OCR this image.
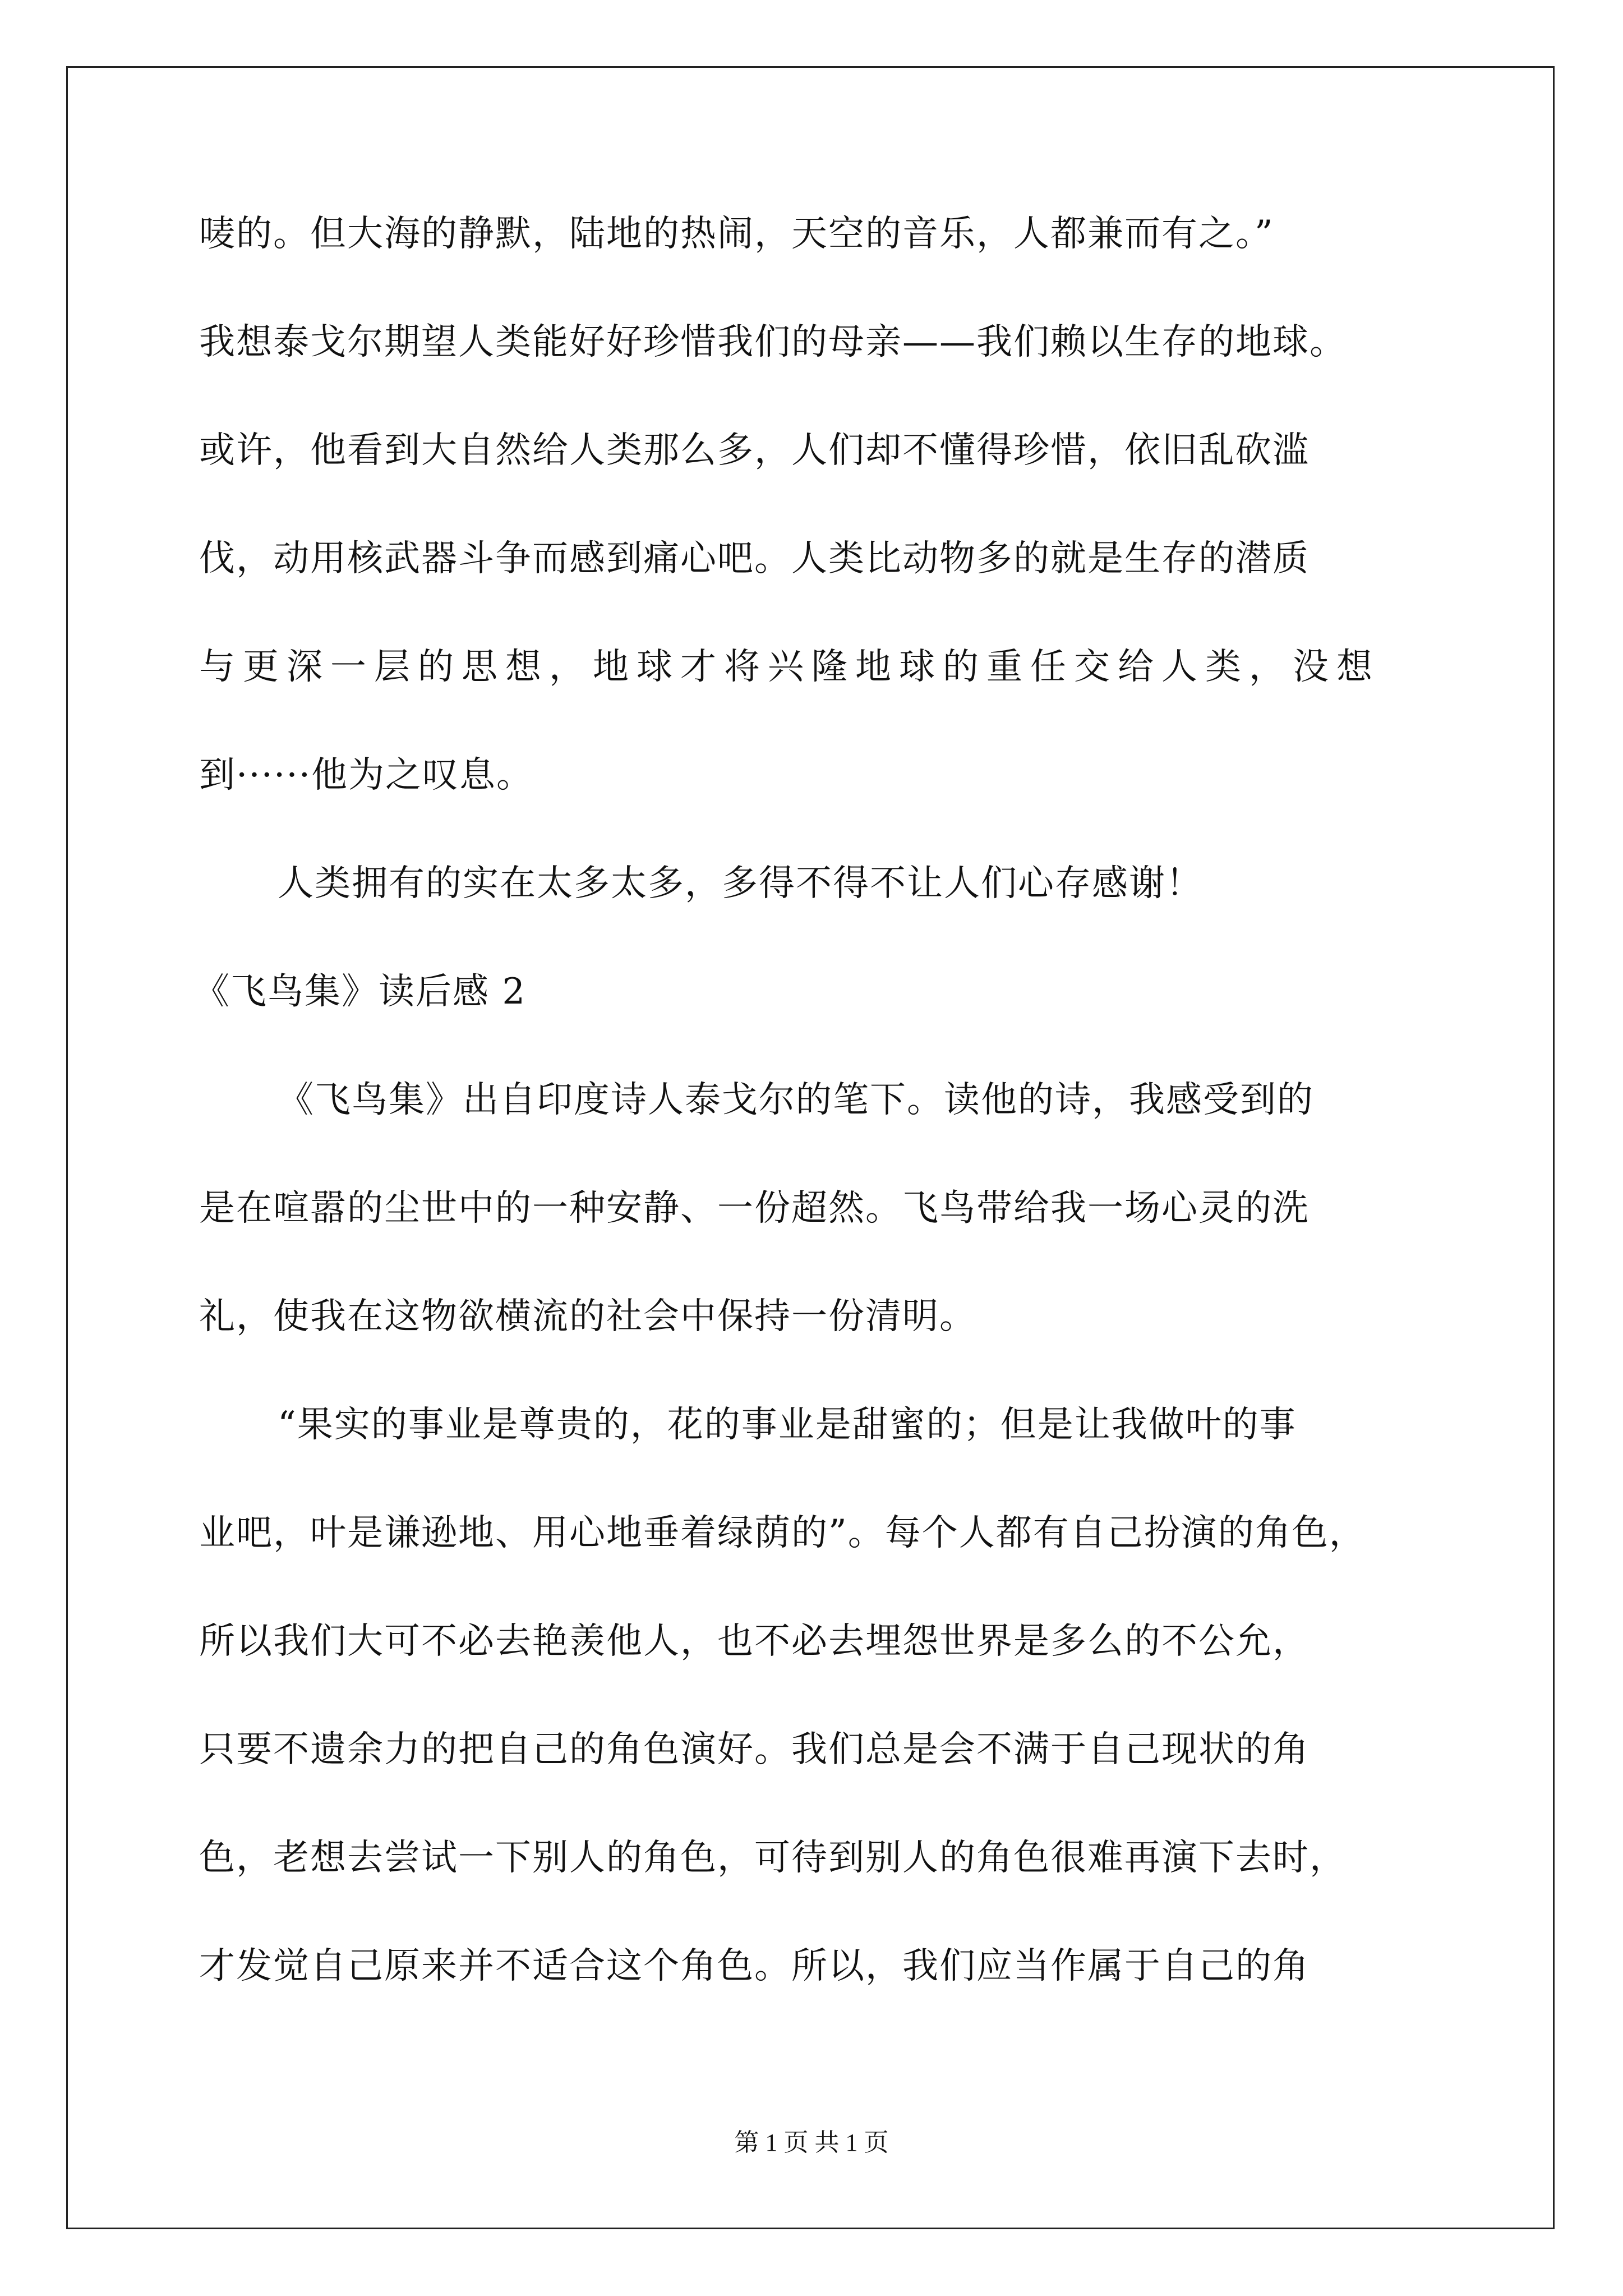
唛的。但大海的静默，陆地的热闹，天空的音乐，人都兼而有之。”
我想泰戈尔期望人类能好好珍惜我们的母亲——我们赖以生存的地球。
或许，他看到大自然给人类那么多，人们却不懂得珍惜，依旧乱砍滥
伐，动用核武器斗争而感到痛心吧。人类比动物多的就是生存的潜质
与更深一层的思想，地球才将兴隆地球的重任交给人类，没想
到······他为之叹息。
人类拥有的实在太多太多，多得不得不让人们心存感谢！
《飞鸟集》读后感 2
《飞鸟集》出自印度诗人泰戈尔的笔下。读他的诗，我感受到的
是在喧嚣的尘世中的一种安静、一份超然。飞鸟带给我一场心灵的洗
礼，使我在这物欲横流的社会中保持一份清明。
“果实的事业是尊贵的，花的事业是甜蜜的；但是让我做叶的事
业吧，叶是谦逊地、用心地垂着绿荫的”。每个人都有自己扮演的角色，
所以我们大可不必去艳羡他人，也不必去埋怨世界是多么的不公允，
只要不遗余力的把自己的角色演好。我们总是会不满于自己现状的角
色，老想去尝试一下别人的角色，可待到别人的角色很难再演下去时，
才发觉自己原来并不适合这个角色。所以，我们应当作属于自己的角
第 1 页 共 1 页
